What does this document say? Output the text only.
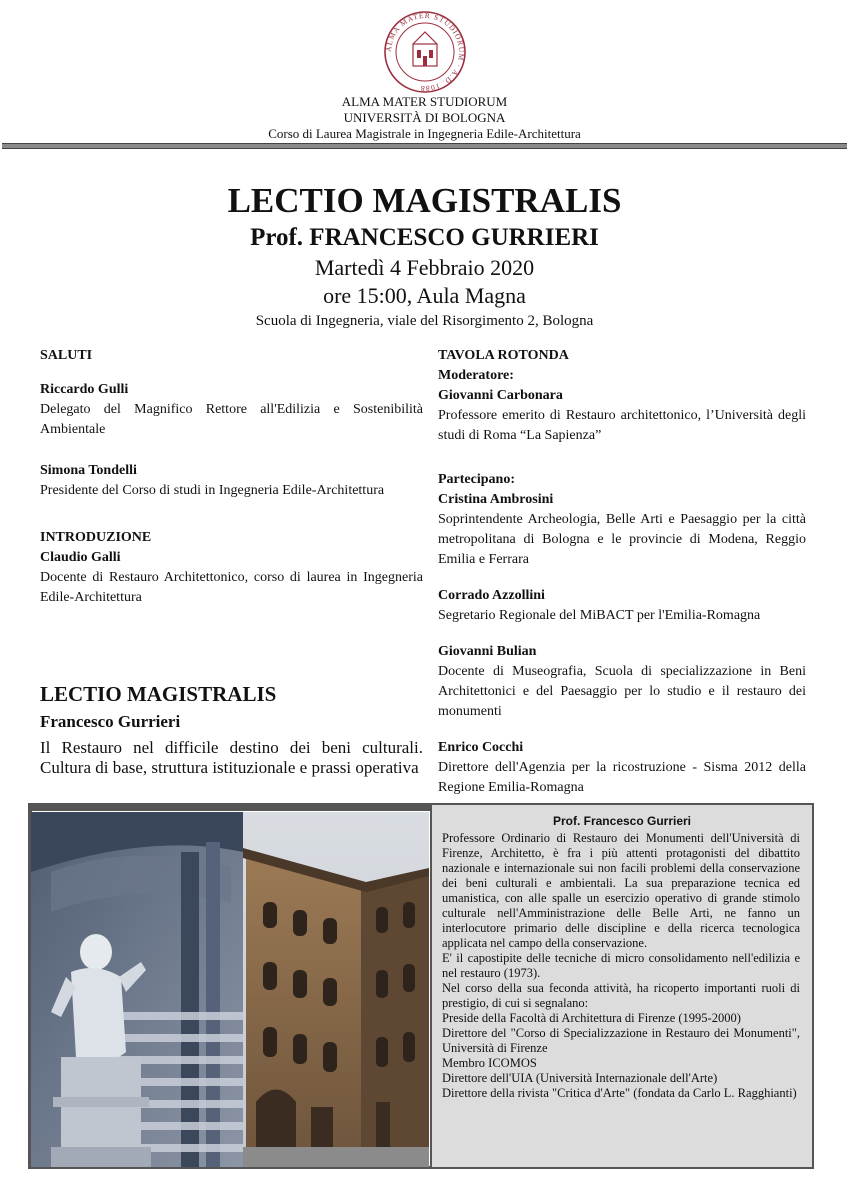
ALMA MATER STUDIORUM · A.D. 1088
ALMA MATER STUDIORUM
UNIVERSITÀ DI BOLOGNA
Corso di Laurea Magistrale in Ingegneria Edile-Architettura
LECTIO MAGISTRALIS
Prof. FRANCESCO GURRIERI
Martedì 4 Febbraio 2020
ore 15:00, Aula Magna
Scuola di Ingegneria, viale del Risorgimento 2, Bologna

SALUTI

Riccardo Gulli

Delegato del Magnifico Rettore all'Edilizia e Sostenibilità Ambientale

Simona Tondelli

Presidente del Corso di studi in Ingegneria Edile-Architettura

INTRODUZIONE

Claudio Galli

Docente di Restauro Architettonico, corso di laurea in Ingegneria Edile-Architettura

LECTIO MAGISTRALIS
Francesco Gurrieri
Il Restauro nel difficile destino dei beni culturali. Cultura di base, struttura istituzionale e prassi operativa

TAVOLA ROTONDA

Moderatore:

Giovanni Carbonara

Professore emerito di Restauro architettonico, l’Università degli studi di Roma “La Sapienza”

Partecipano:

Cristina Ambrosini

Soprintendente Archeologia, Belle Arti e Paesaggio per la città metropolitana di Bologna e le provincie di Modena, Reggio Emilia e Ferrara

Corrado Azzollini

Segretario Regionale del MiBACT per l'Emilia-Romagna

Giovanni Bulian

Docente di Museografia, Scuola di specializzazione in Beni Architettonici e del Paesaggio per lo studio e il restauro dei monumenti

Enrico Cocchi

Direttore dell'Agenzia per la ricostruzione - Sisma 2012 della Regione Emilia-Romagna

Prof. Francesco Gurrieri

Professore Ordinario di Restauro dei Monumenti dell'Università di Firenze, Architetto, è fra i più attenti protagonisti del dibattito nazionale e internazionale sui non facili problemi della conservazione dei beni culturali e ambientali. La sua preparazione tecnica ed umanistica, con alle spalle un esercizio operativo di grande stimolo culturale nell'Amministrazione delle Belle Arti, ne fanno un interlocutore primario delle discipline e della ricerca tecnologica applicata nel campo della conservazione.

E' il capostipite delle tecniche di micro consolidamento nell'edilizia e nel restauro (1973).

Nel corso della sua feconda attività, ha ricoperto importanti ruoli di prestigio, di cui si segnalano:

Preside della Facoltà di Architettura di Firenze (1995-2000)

Direttore del "Corso di Specializzazione in Restauro dei Monumenti", Università di Firenze

Membro ICOMOS

Direttore dell'UIA (Università Internazionale dell'Arte)

Direttore della rivista "Critica d'Arte" (fondata da Carlo L. Ragghianti)
